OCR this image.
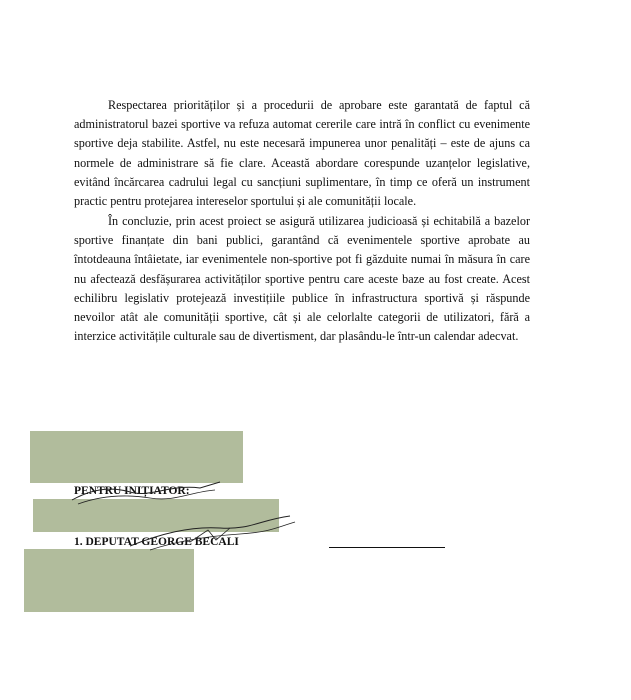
Respectarea priorităților și a procedurii de aprobare este garantată de faptul că administratorul bazei sportive va refuza automat cererile care intră în conflict cu evenimente sportive deja stabilite. Astfel, nu este necesară impunerea unor penalități – este de ajuns ca normele de administrare să fie clare. Această abordare corespunde uzanțelor legislative, evitând încărcarea cadrului legal cu sancțiuni suplimentare, în timp ce oferă un instrument practic pentru protejarea intereselor sportului și ale comunității locale.

În concluzie, prin acest proiect se asigură utilizarea judicioasă și echitabilă a bazelor sportive finanțate din bani publici, garantând că evenimentele sportive aprobate au întotdeauna întâietate, iar evenimentele non-sportive pot fi găzduite numai în măsura în care nu afectează desfășurarea activităților sportive pentru care aceste baze au fost create. Acest echilibru legislativ protejează investițiile publice în infrastructura sportivă și răspunde nevoilor atât ale comunității sportive, cât și ale celorlalte categorii de utilizatori, fără a interzice activitățile culturale sau de divertisment, dar plasându-le într-un calendar adecvat.

PENTRU INIȚIATOR:
1. DEPUTAT GEORGE BECALI
